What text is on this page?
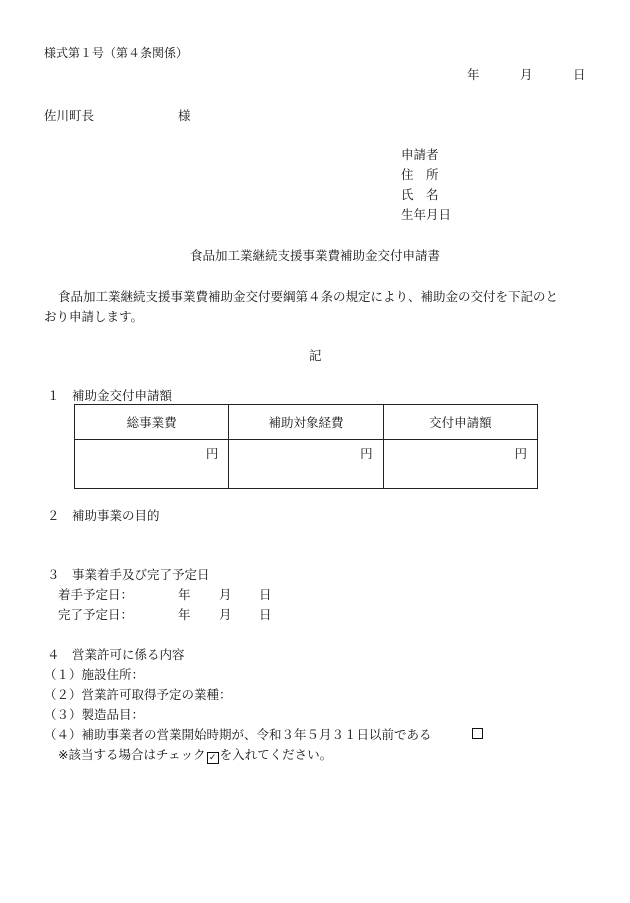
様式第１号（第４条関係）
年	月	日
佐川町長	様
申請者
住　所
氏　名
生年月日
食品加工業継続支援事業費補助金交付申請書
食品加工業継続支援事業費補助金交付要綱第４条の規定により、補助金の交付を下記のと
おり申請します。
記
１　補助金交付申請額
総事業費	補助対象経費	交付申請額
円	円	円
２　補助事業の目的
３　事業着手及び完了予定日
着手予定日：	年 月 日
完了予定日：	年 月 日
４　営業許可に係る内容
（１）施設住所：
（２）営業許可取得予定の業種：
（３）製造品目：
（４）補助事業者の営業開始時期が、令和３年５月３１日以前である
※該当する場合はチェック ✓ を入れてください。
